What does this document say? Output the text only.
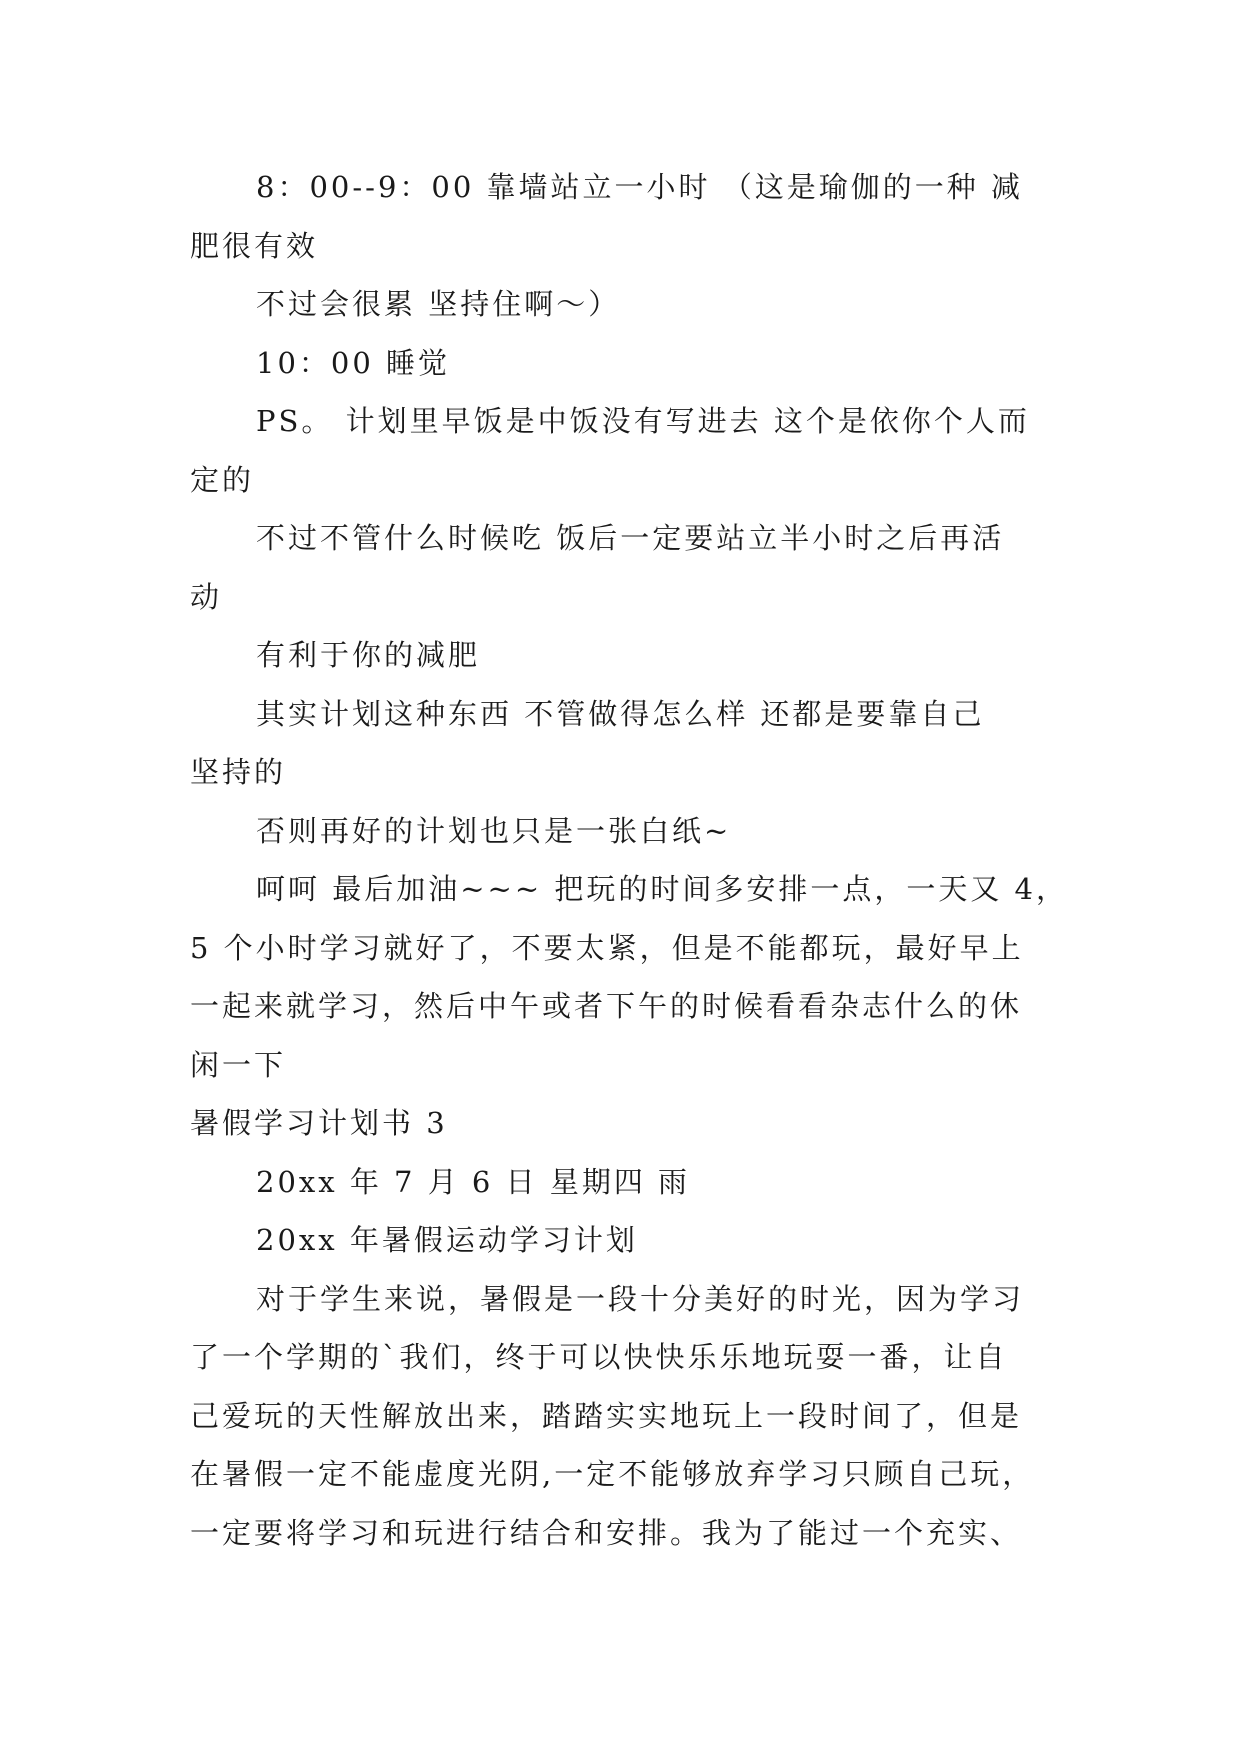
8：00--9：00 靠墙站立一小时 （这是瑜伽的一种 减
肥很有效
不过会很累 坚持住啊～）
10：00 睡觉
PS。 计划里早饭是中饭没有写进去 这个是依你个人而
定的
不过不管什么时候吃 饭后一定要站立半小时之后再活
动
有利于你的减肥
其实计划这种东西 不管做得怎么样 还都是要靠自己
坚持的
否则再好的计划也只是一张白纸~
呵呵 最后加油~~~ 把玩的时间多安排一点，一天又 4，
5 个小时学习就好了，不要太紧，但是不能都玩，最好早上
一起来就学习，然后中午或者下午的时候看看杂志什么的休
闲一下
暑假学习计划书 3
20xx 年 7 月 6 日 星期四 雨
20xx 年暑假运动学习计划
对于学生来说，暑假是一段十分美好的时光，因为学习
了一个学期的`我们，终于可以快快乐乐地玩耍一番，让自
己爱玩的天性解放出来，踏踏实实地玩上一段时间了，但是
在暑假一定不能虚度光阴,一定不能够放弃学习只顾自己玩，
一定要将学习和玩进行结合和安排。我为了能过一个充实、
